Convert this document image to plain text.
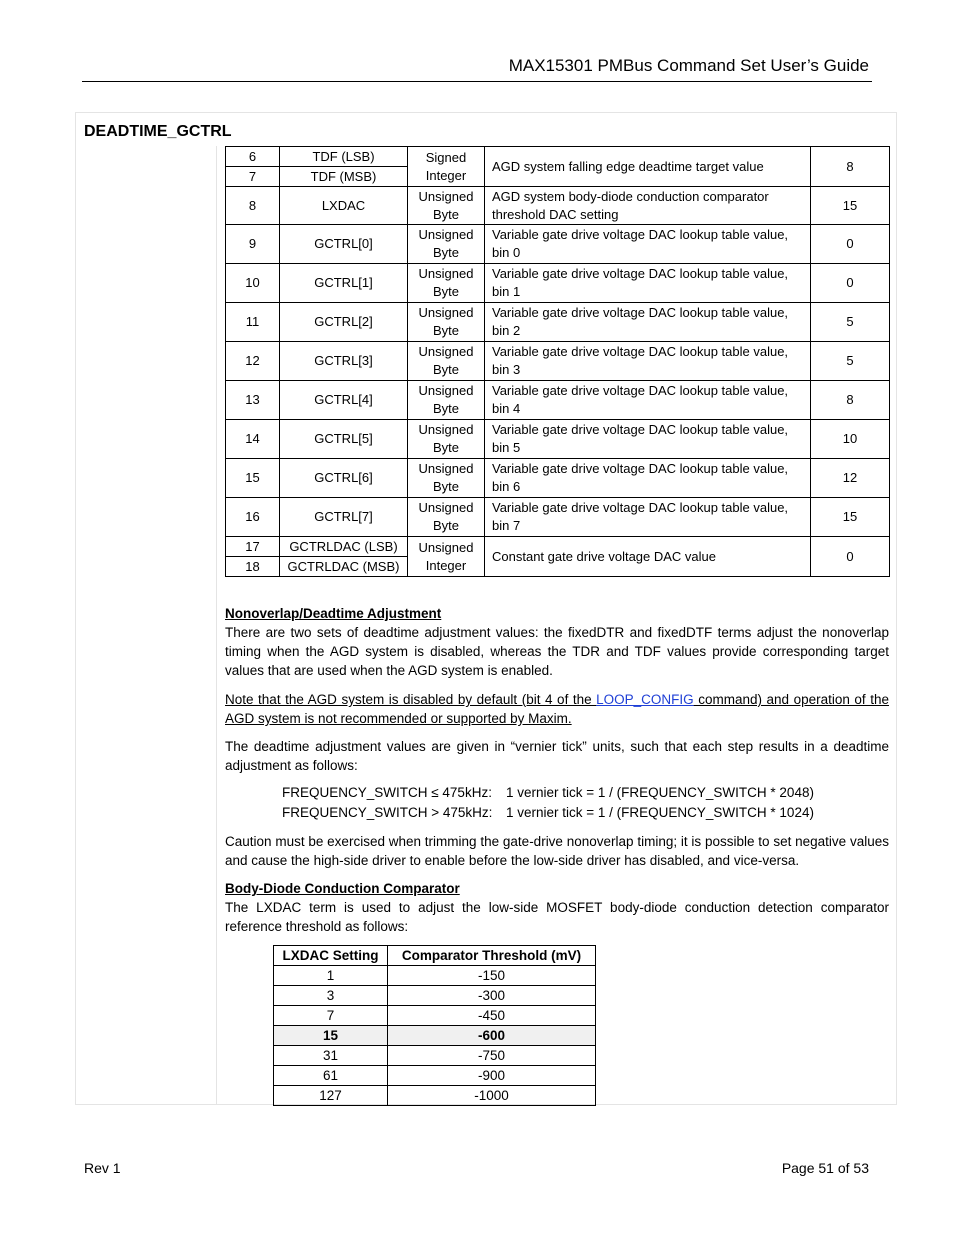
MAX15301 PMBus Command Set User’s Guide
DEADTIME_GCTRL
6	TDF (LSB)	Signed Integer	AGD system falling edge deadtime target value	8
7	TDF (MSB)			
8	LXDAC	Unsigned Byte	AGD system body-diode conduction comparator threshold DAC setting	15
9	GCTRL[0]	Unsigned Byte	Variable gate drive voltage DAC lookup table value, bin 0	0
10	GCTRL[1]	Unsigned Byte	Variable gate drive voltage DAC lookup table value, bin 1	0
11	GCTRL[2]	Unsigned Byte	Variable gate drive voltage DAC lookup table value, bin 2	5
12	GCTRL[3]	Unsigned Byte	Variable gate drive voltage DAC lookup table value, bin 3	5
13	GCTRL[4]	Unsigned Byte	Variable gate drive voltage DAC lookup table value, bin 4	8
14	GCTRL[5]	Unsigned Byte	Variable gate drive voltage DAC lookup table value, bin 5	10
15	GCTRL[6]	Unsigned Byte	Variable gate drive voltage DAC lookup table value, bin 6	12
16	GCTRL[7]	Unsigned Byte	Variable gate drive voltage DAC lookup table value, bin 7	15
17	GCTRLDAC (LSB)	Unsigned Integer	Constant gate drive voltage DAC value	0
18	GCTRLDAC (MSB)			
Nonoverlap/Deadtime Adjustment
There are two sets of deadtime adjustment values: the fixedDTR and fixedDTF terms adjust the nonoverlap timing when the AGD system is disabled, whereas the TDR and TDF values provide corresponding target values that are used when the AGD system is enabled.
Note that the AGD system is disabled by default (bit 4 of the LOOP_CONFIG command) and operation of the AGD system is not recommended or supported by Maxim.
The deadtime adjustment values are given in “vernier tick” units, such that each step results in a deadtime adjustment as follows:
FREQUENCY_SWITCH ≤ 475kHz: 1 vernier tick = 1 / (FREQUENCY_SWITCH * 2048)
FREQUENCY_SWITCH > 475kHz: 1 vernier tick = 1 / (FREQUENCY_SWITCH * 1024)
Caution must be exercised when trimming the gate-drive nonoverlap timing; it is possible to set negative values and cause the high-side driver to enable before the low-side driver has disabled, and vice-versa.
Body-Diode Conduction Comparator
The LXDAC term is used to adjust the low-side MOSFET body-diode conduction detection comparator reference threshold as follows:
LXDAC Setting	Comparator Threshold (mV)
1	-150
3	-300
7	-450
15	-600
31	-750
61	-900
127	-1000
Rev 1	Page 51 of 53
